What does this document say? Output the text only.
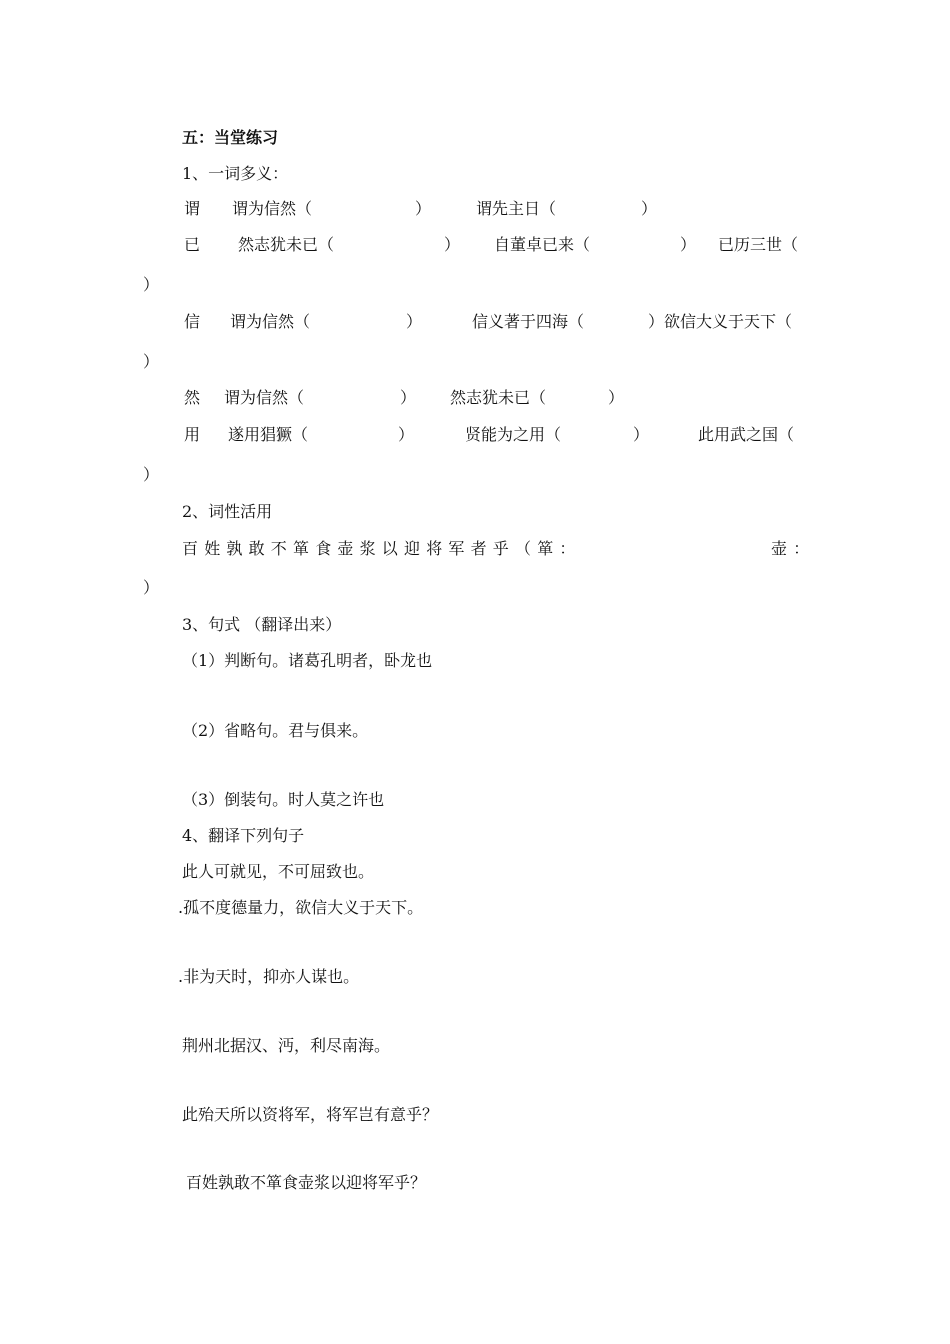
五：当堂练习
1、一词多义：
谓 谓为信然（	）	谓先主日（	）
已 然志犹未已（	） 自董卓已来（	） 已历三世（
）
信 谓为信然（	）	信义著于四海（	）欲信大义于天下（
）
然 谓为信然（	） 然志犹未已（	）
用 遂用猖獗（	）	贤能为之用（	）	此用武之国（
）
2、词性活用
百姓孰敢不箪食壶浆以迎将军者乎（箪：	壶：
）
3、句式 （翻译出来）
（1）判断句。诸葛孔明者，卧龙也
（2）省略句。君与俱来。
（3）倒装句。时人莫之许也
4、翻译下列句子
此人可就见，不可屈致也。
.孤不度德量力，欲信大义于天下。
.非为天时，抑亦人谋也。
荆州北据汉、沔，利尽南海。
此殆天所以资将军，将军岂有意乎？
百姓孰敢不箪食壶浆以迎将军乎？
